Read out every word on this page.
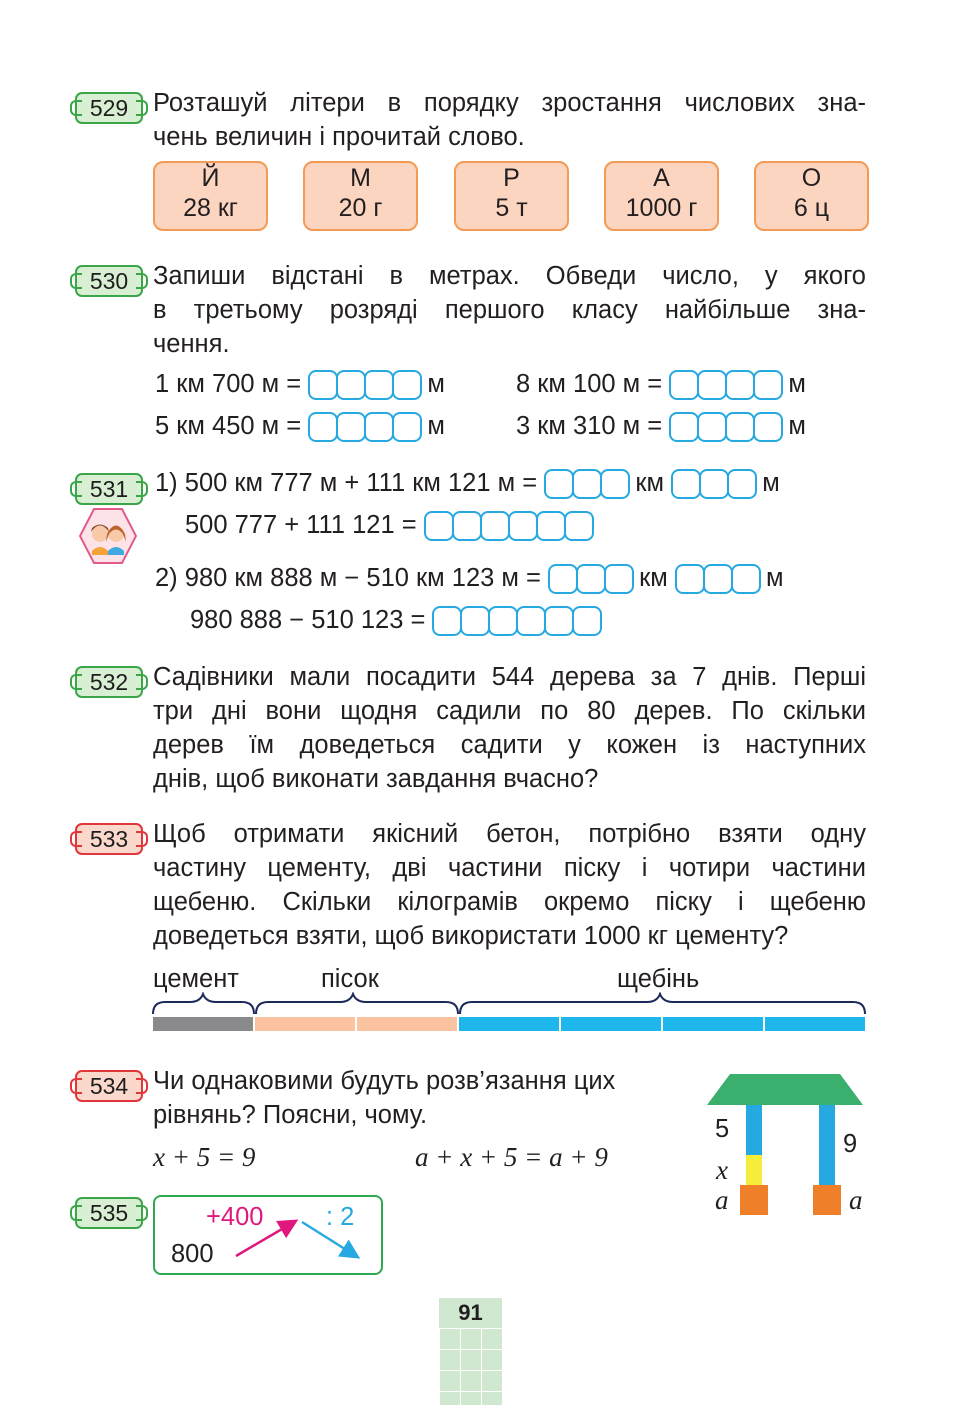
529 Розташуй літери в порядку зростання числових зна-
чень величин і прочитай слово.
Й
28 кг
М
20 г
Р
5 т
А
1000 г
О
6 ц
530 Запиши відстані в метрах. Обведи число, у якого
в третьому розряді першого класу найбільше зна-
чення.
1 км 700 м =	м	8 км 100 м =	м
5 км 450 м =	м	3 км 310 м =	м
531	1) 500 км 777 м + 111 км 121 м =	км	м
500 777 + 111 121 =
2) 980 км 888 м − 510 км 123 м =	км	м
980 888 − 510 123 =
532 Садівники мали посадити 544 дерева за 7 днів. Перші
три дні вони щодня садили по 80 дерев. По скільки
дерев їм доведеться садити у кожен із наступних
днів, щоб виконати завдання вчасно?
533 Щоб отримати якісний бетон, потрібно взяти одну
частину цементу, дві частини піску і чотири частини
щебеню. Скільки кілограмів окремо піску і щебеню
доведеться взяти, щоб використати 1000 кг цементу?
цемент	пісок	щебінь
534 Чи однаковими будуть розв’язання цих
рівнянь? Поясни, чому.
x + 5 = 9	a + x + 5 = a + 9
5
9
x
a	a
535
800
+400 : 2
91
